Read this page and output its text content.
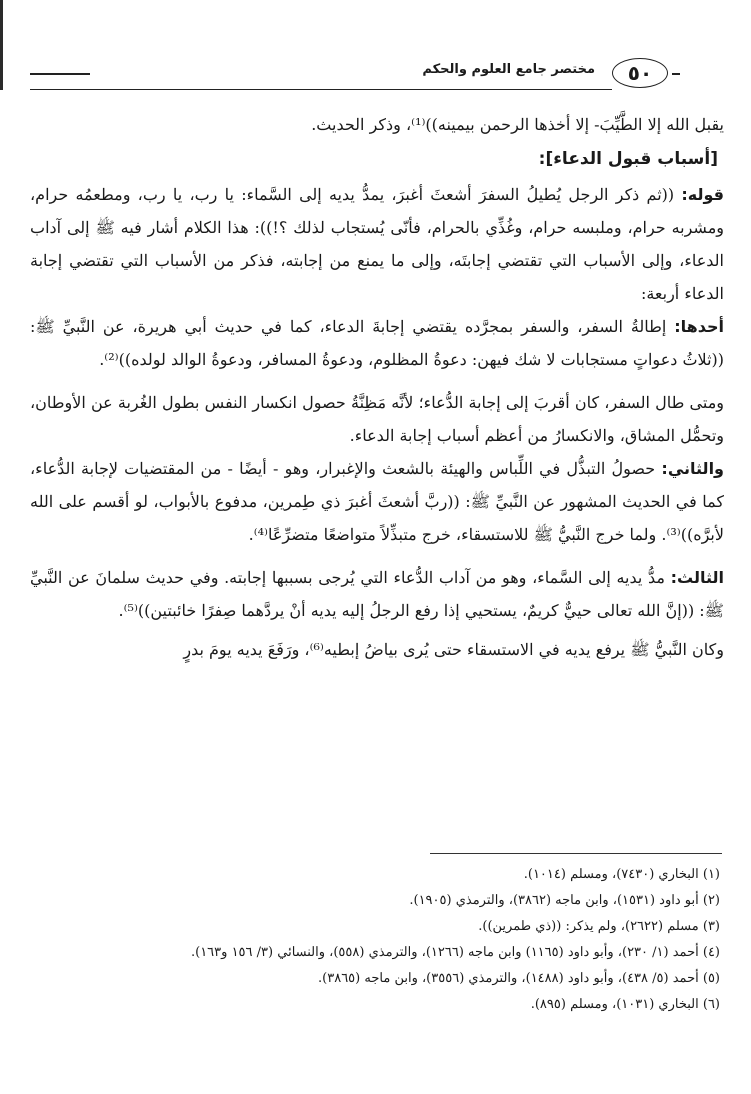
مختصر جامع العلوم والحكم	٥٠

يقبل الله إلا الطَّيِّبَ- إلا أخذها الرحمن بيمينه))⁽¹⁾، وذكر الحديث.

[أسباب قبول الدعاء]:

قوله: ((ثم ذكر الرجل يُطيلُ السفرَ أشعثَ أغبرَ، يمدُّ يديه إلى السَّماء: يا رب، يا رب، ومطعمُه حرام، ومشربه حرام، وملبسه حرام، وغُذِّي بالحرام، فأنّى يُستجاب لذلك ؟!)): هذا الكلام أشار فيه ﷺ إلى آداب الدعاء، وإلى الأسباب التي تقتضي إجابتَه، وإلى ما يمنع من إجابته، فذكر من الأسباب التي تقتضي إجابة الدعاء أربعة:

أحدها: إطالةُ السفر، والسفر بمجرَّده يقتضي إجابةَ الدعاء، كما في حديث أبي هريرة، عن النَّبيِّ ﷺ: ((ثلاثُ دعواتٍ مستجابات لا شك فيهن: دعوةُ المظلوم، ودعوةُ المسافر، ودعوةُ الوالد لولده))⁽²⁾.

ومتى طال السفر، كان أقربَ إلى إجابة الدُّعاء؛ لأنَّه مَظِنَّةُ حصول انكسار النفس بطول الغُربة عن الأوطان، وتحمُّل المشاق، والانكسارُ من أعظم أسباب إجابة الدعاء.

والثاني: حصولُ التبذُّل في اللِّباس والهيئة بالشعث والإغبرار، وهو - أيضًا - من المقتضيات لإجابة الدُّعاء، كما في الحديث المشهور عن النَّبيِّ ﷺ: ((ربَّ أشعثَ أغبرَ ذي طِمرين، مدفوع بالأبواب، لو أقسم على الله لأبرَّه))⁽³⁾. ولما خرج النَّبيُّ ﷺ للاستسقاء، خرج متبذِّلاً متواضعًا متضرِّعًا⁽⁴⁾.

الثالث: مدُّ يديه إلى السَّماء، وهو من آداب الدُّعاء التي يُرجى بسببها إجابته. وفي حديث سلمانَ عن النَّبيِّ ﷺ: ((إنَّ الله تعالى حييٌّ كريمٌ، يستحيي إذا رفع الرجلُ إليه يديه أنْ يردَّهما صِفرًا خائبتين))⁽⁵⁾.

وكان النَّبيُّ ﷺ يرفع يديه في الاستسقاء حتى يُرى بياضُ إبطيه⁽⁶⁾، ورَفَعَ يديه يومَ بدرٍ

(١) البخاري (٧٤٣٠)، ومسلم (١٠١٤).

(٢) أبو داود (١٥٣١)، وابن ماجه (٣٨٦٢)، والترمذي (١٩٠٥).

(٣) مسلم (٢٦٢٢)، ولم يذكر: ((ذي طمرين)).

(٤) أحمد (١/ ٢٣٠)، وأبو داود (١١٦٥) وابن ماجه (١٢٦٦)، والترمذي (٥٥٨)، والنسائي (٣/ ١٥٦ و١٦٣).

(٥) أحمد (٥/ ٤٣٨)، وأبو داود (١٤٨٨)، والترمذي (٣٥٥٦)، وابن ماجه (٣٨٦٥).

(٦) البخاري (١٠٣١)، ومسلم (٨٩٥).
